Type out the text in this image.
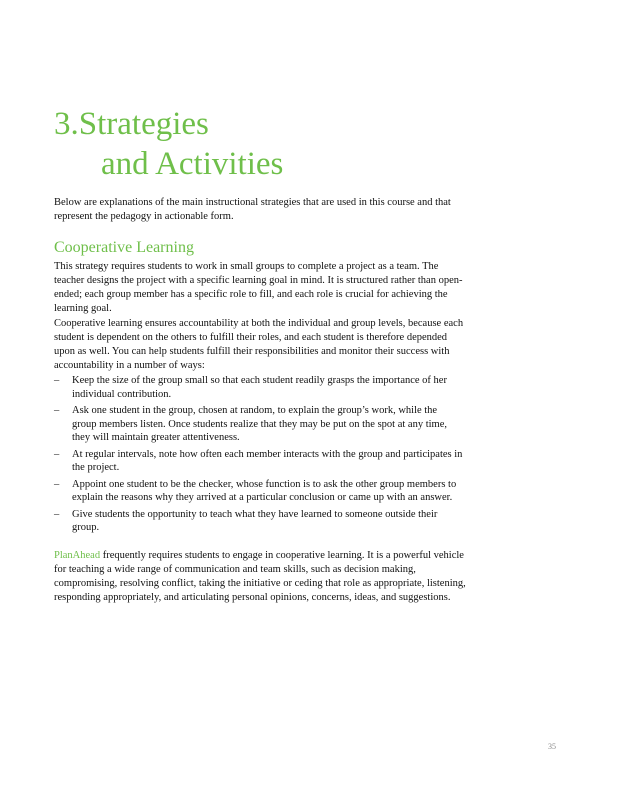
3.Strategies
and Activities

Below are explanations of the main instructional strategies that are used in this course and that represent the pedagogy in actionable form.

Cooperative Learning

This strategy requires students to work in small groups to complete a project as a team. The teacher designs the project with a specific learning goal in mind. It is structured rather than open-ended; each group member has a specific role to fill, and each role is crucial for achieving the learning goal.

Cooperative learning ensures accountability at both the individual and group levels, because each student is dependent on the others to fulfill their roles, and each student is therefore depended upon as well. You can help students fulfill their responsibilities and monitor their success with accountability in a number of ways:

– Keep the size of the group small so that each student readily grasps the importance of her individual contribution.
– Ask one student in the group, chosen at random, to explain the group’s work, while the group members listen. Once students realize that they may be put on the spot at any time, they will maintain greater attentiveness.
– At regular intervals, note how often each member interacts with the group and participates in the project.
– Appoint one student to be the checker, whose function is to ask the other group members to explain the reasons why they arrived at a particular conclusion or came up with an answer.
– Give students the opportunity to teach what they have learned to someone outside their group.

PlanAhead frequently requires students to engage in cooperative learning. It is a powerful vehicle for teaching a wide range of communication and team skills, such as decision making, compromising, resolving conflict, taking the initiative or ceding that role as appropriate, listening, responding appropriately, and articulating personal opinions, concerns, ideas, and suggestions.

35
